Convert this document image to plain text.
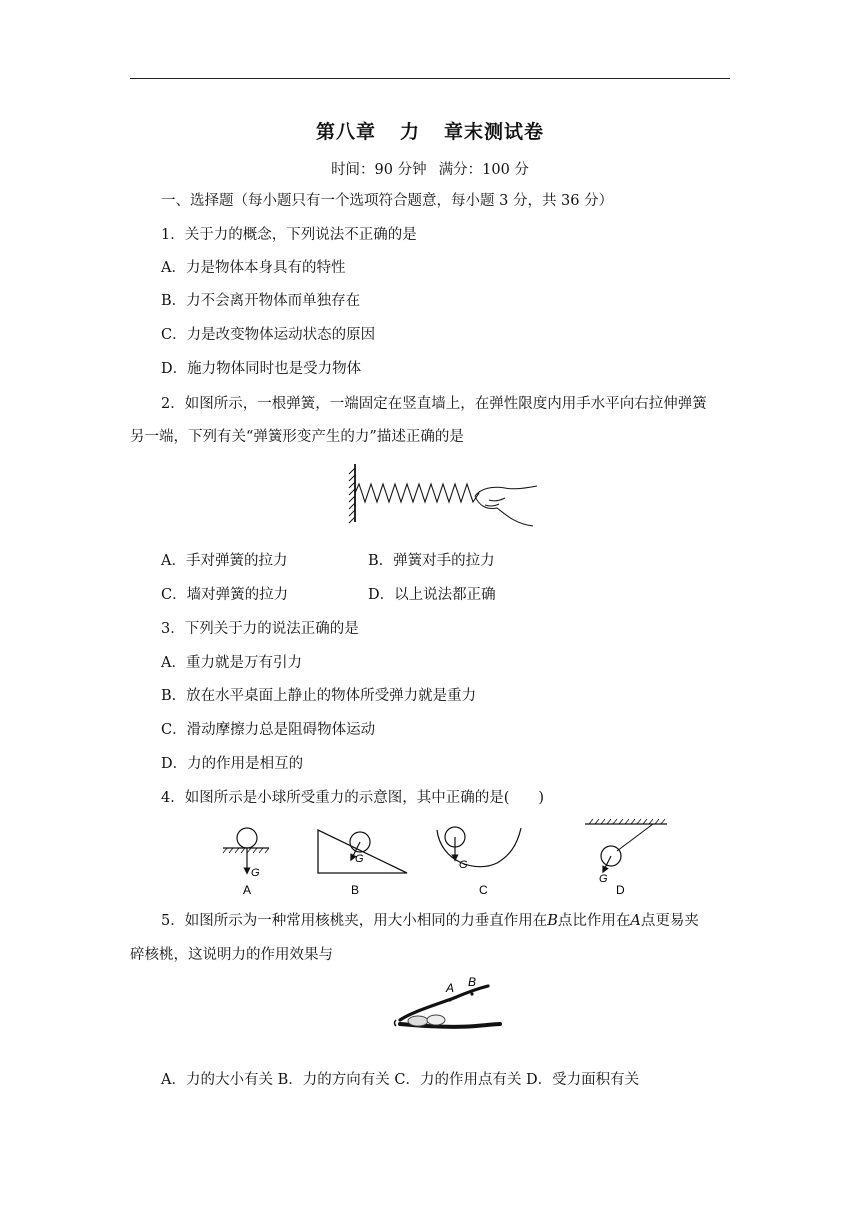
第八章 力 章末测试卷
时间：90 分钟 满分：100 分
一、选择题（每小题只有一个选项符合题意，每小题 3 分，共 36 分）
1．关于力的概念，下列说法不正确的是
A．力是物体本身具有的特性
B．力不会离开物体而单独存在
C．力是改变物体运动状态的原因
D．施力物体同时也是受力物体
2．如图所示，一根弹簧，一端固定在竖直墙上，在弹性限度内用手水平向右拉伸弹簧
另一端，下列有关“弹簧形变产生的力”描述正确的是
A．手对弹簧的拉力	B．弹簧对手的拉力
C．墙对弹簧的拉力	D．以上说法都正确
3．下列关于力的说法正确的是
A．重力就是万有引力
B．放在水平桌面上静止的物体所受弹力就是重力
C．滑动摩擦力总是阻碍物体运动
D．力的作用是相互的
4．如图所示是小球所受重力的示意图，其中正确的是(　　)
G
A
G
B
G
C
G
D
5．如图所示为一种常用核桃夹，用大小相同的力垂直作用在B点比作用在A点更易夹
碎核桃，这说明力的作用效果与
A B
A．力的大小有关 B．力的方向有关 C．力的作用点有关 D．受力面积有关
